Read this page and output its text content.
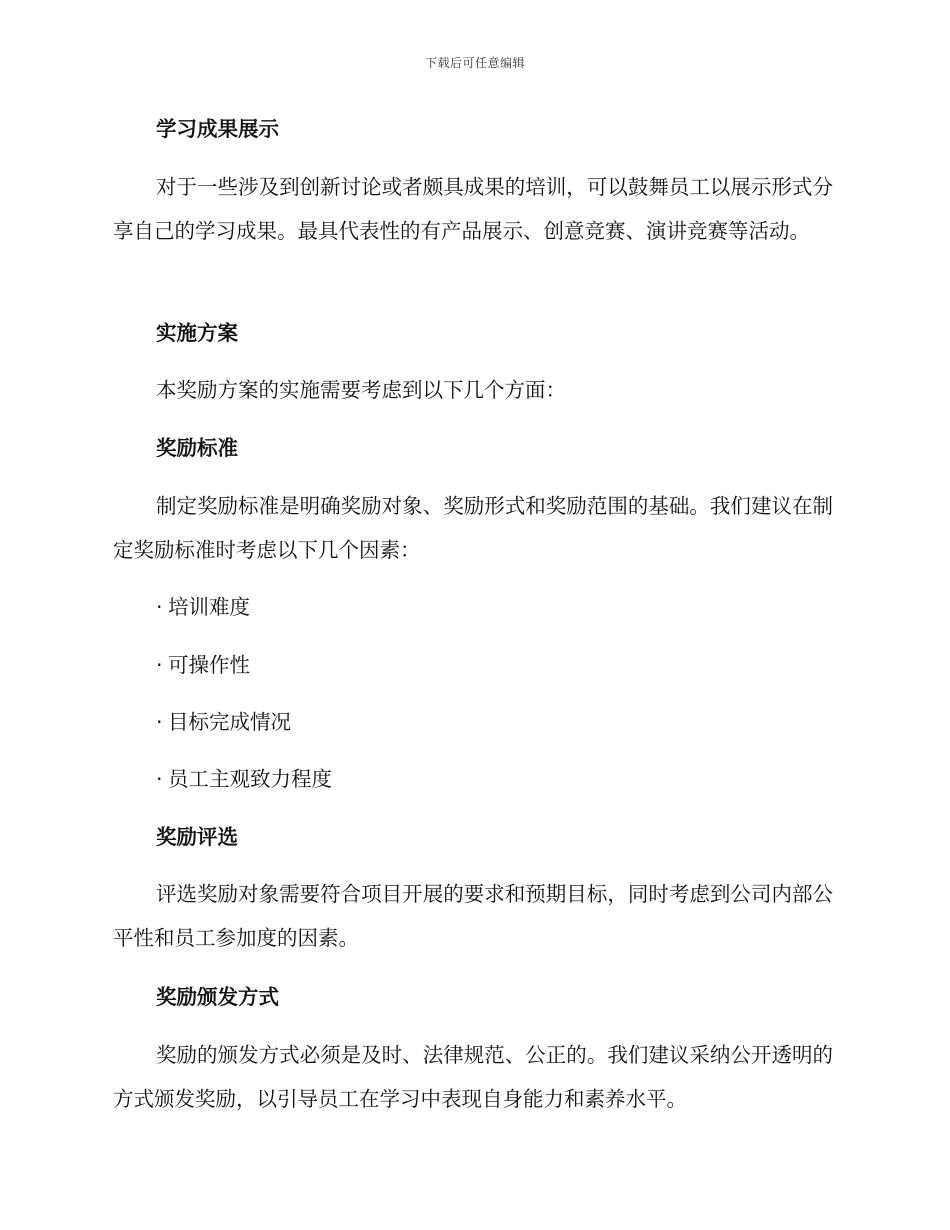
下载后可任意编辑
学习成果展示
对于一些涉及到创新讨论或者颇具成果的培训，可以鼓舞员工以展示形式分享自己的学习成果。最具代表性的有产品展示、创意竞赛、演讲竞赛等活动。
实施方案
本奖励方案的实施需要考虑到以下几个方面：
奖励标准
制定奖励标准是明确奖励对象、奖励形式和奖励范围的基础。我们建议在制定奖励标准时考虑以下几个因素：
· 培训难度
· 可操作性
· 目标完成情况
· 员工主观致力程度
奖励评选
评选奖励对象需要符合项目开展的要求和预期目标，同时考虑到公司内部公平性和员工参加度的因素。
奖励颁发方式
奖励的颁发方式必须是及时、法律规范、公正的。我们建议采纳公开透明的方式颁发奖励，以引导员工在学习中表现自身能力和素养水平。
